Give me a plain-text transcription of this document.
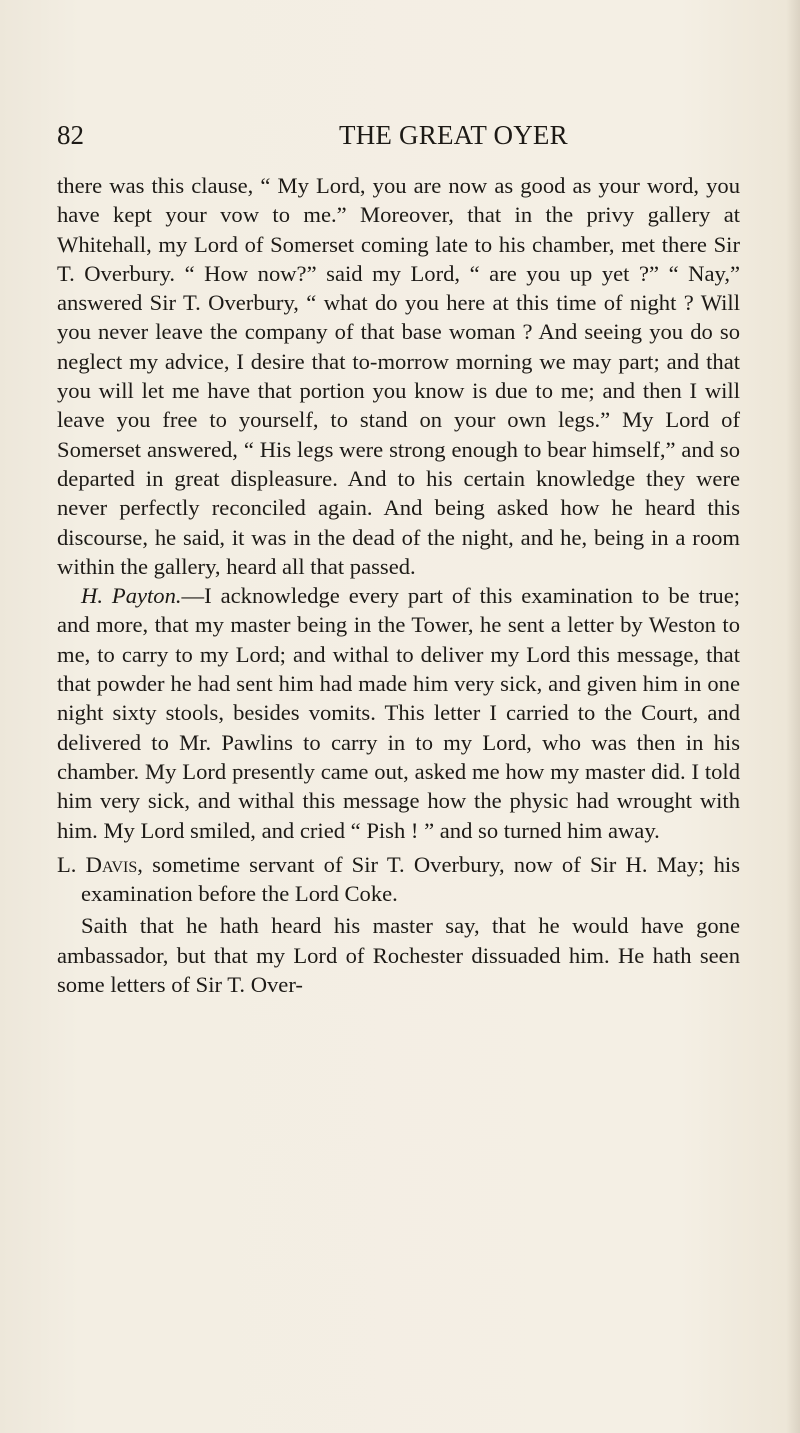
82	THE GREAT OYER

there was this clause, “ My Lord, you are now as good as your word, you have kept your vow to me.” Moreover, that in the privy gallery at Whitehall, my Lord of Somerset coming late to his chamber, met there Sir T. Overbury. “ How now?” said my Lord, “ are you up yet ?” “ Nay,” answered Sir T. Overbury, “ what do you here at this time of night ? Will you never leave the company of that base woman ? And seeing you do so neglect my advice, I desire that to-morrow morning we may part; and that you will let me have that portion you know is due to me; and then I will leave you free to yourself, to stand on your own legs.” My Lord of Somerset answered, “ His legs were strong enough to bear himself,” and so departed in great displeasure. And to his certain knowledge they were never perfectly reconciled again. And being asked how he heard this discourse, he said, it was in the dead of the night, and he, being in a room within the gallery, heard all that passed.

H. Payton.—I acknowledge every part of this examination to be true; and more, that my master being in the Tower, he sent a letter by Weston to me, to carry to my Lord; and withal to deliver my Lord this message, that that powder he had sent him had made him very sick, and given him in one night sixty stools, besides vomits. This letter I carried to the Court, and delivered to Mr. Pawlins to carry in to my Lord, who was then in his chamber. My Lord presently came out, asked me how my master did. I told him very sick, and withal this message how the physic had wrought with him. My Lord smiled, and cried “ Pish ! ” and so turned him away.

L. Davis, sometime servant of Sir T. Overbury, now of Sir H. May; his examination before the Lord Coke.

Saith that he hath heard his master say, that he would have gone ambassador, but that my Lord of Rochester dissuaded him. He hath seen some letters of Sir T. Over-
